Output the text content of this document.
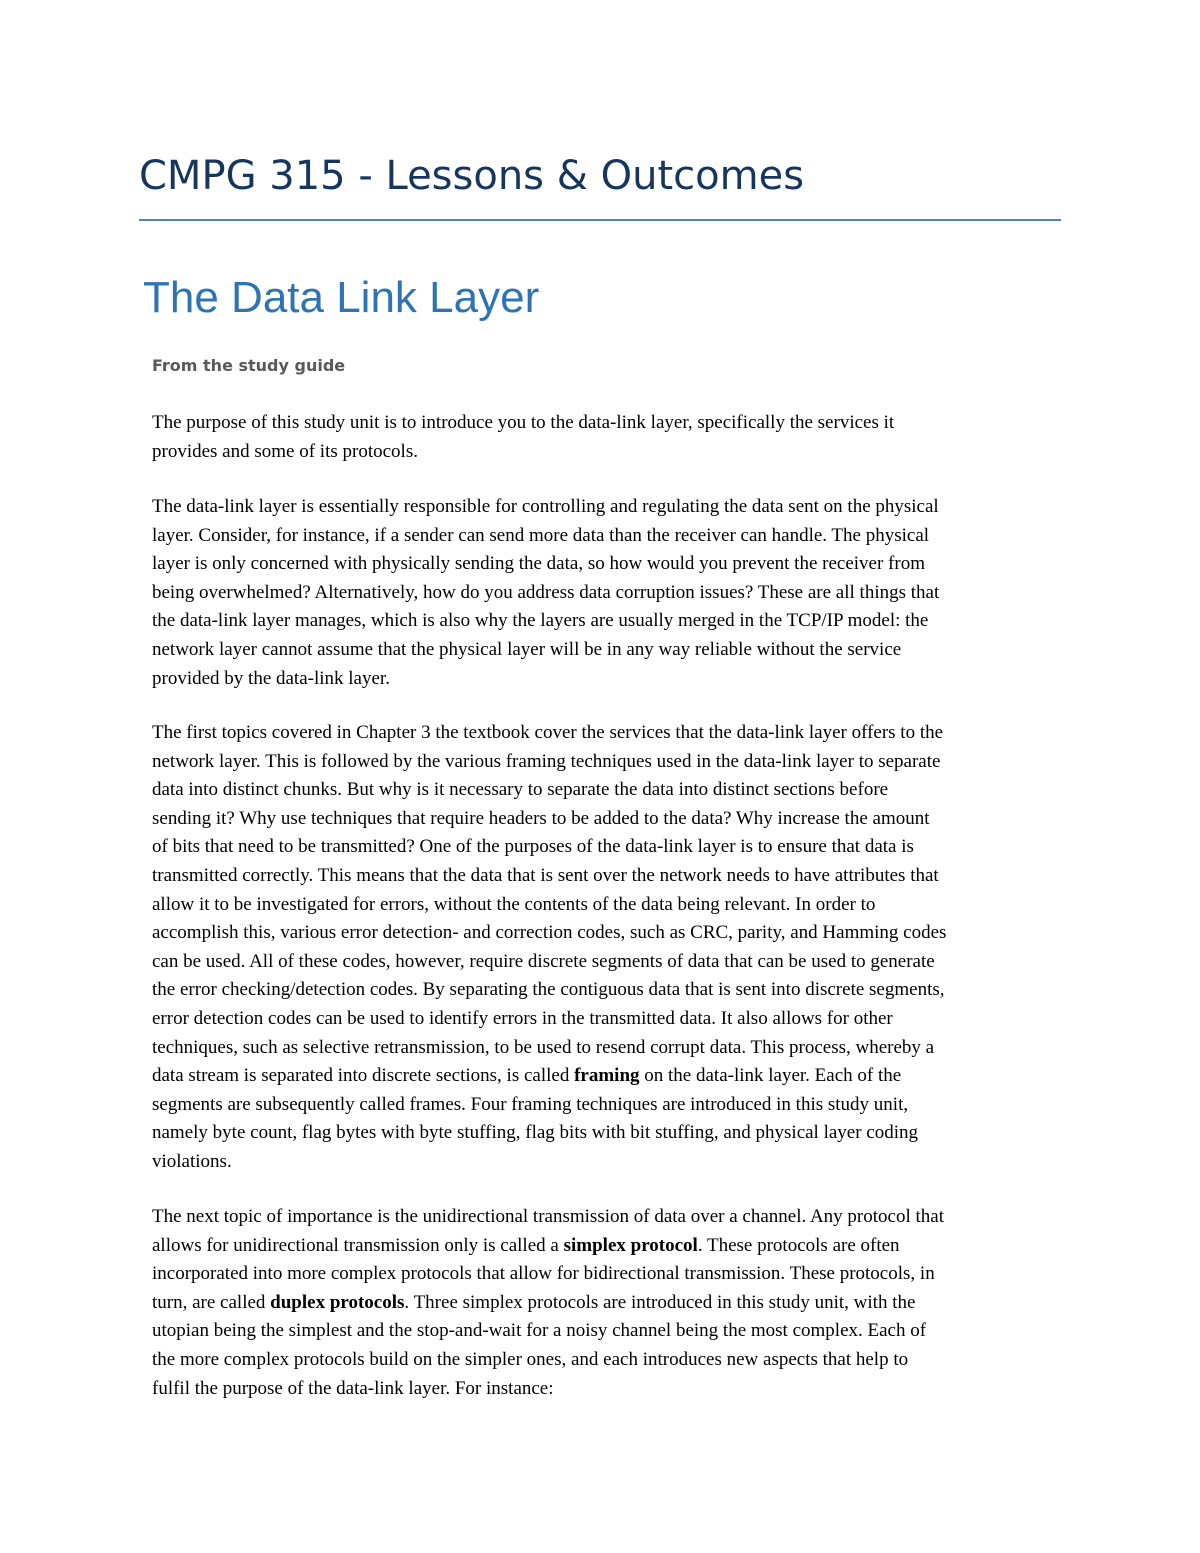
CMPG 315 - Lessons & Outcomes
The Data Link Layer
From the study guide

The purpose of this study unit is to introduce you to the data-link layer, specifically the services it
provides and some of its protocols.

The data-link layer is essentially responsible for controlling and regulating the data sent on the physical
layer. Consider, for instance, if a sender can send more data than the receiver can handle. The physical
layer is only concerned with physically sending the data, so how would you prevent the receiver from
being overwhelmed? Alternatively, how do you address data corruption issues? These are all things that
the data-link layer manages, which is also why the layers are usually merged in the TCP/IP model: the
network layer cannot assume that the physical layer will be in any way reliable without the service
provided by the data-link layer.

The first topics covered in Chapter 3 the textbook cover the services that the data-link layer offers to the
network layer. This is followed by the various framing techniques used in the data-link layer to separate
data into distinct chunks. But why is it necessary to separate the data into distinct sections before
sending it? Why use techniques that require headers to be added to the data? Why increase the amount
of bits that need to be transmitted? One of the purposes of the data-link layer is to ensure that data is
transmitted correctly. This means that the data that is sent over the network needs to have attributes that
allow it to be investigated for errors, without the contents of the data being relevant. In order to
accomplish this, various error detection- and correction codes, such as CRC, parity, and Hamming codes
can be used. All of these codes, however, require discrete segments of data that can be used to generate
the error checking/detection codes. By separating the contiguous data that is sent into discrete segments,
error detection codes can be used to identify errors in the transmitted data. It also allows for other
techniques, such as selective retransmission, to be used to resend corrupt data. This process, whereby a
data stream is separated into discrete sections, is called framing on the data-link layer. Each of the
segments are subsequently called frames. Four framing techniques are introduced in this study unit,
namely byte count, flag bytes with byte stuffing, flag bits with bit stuffing, and physical layer coding
violations.

The next topic of importance is the unidirectional transmission of data over a channel. Any protocol that
allows for unidirectional transmission only is called a simplex protocol. These protocols are often
incorporated into more complex protocols that allow for bidirectional transmission. These protocols, in
turn, are called duplex protocols. Three simplex protocols are introduced in this study unit, with the
utopian being the simplest and the stop-and-wait for a noisy channel being the most complex. Each of
the more complex protocols build on the simpler ones, and each introduces new aspects that help to
fulfil the purpose of the data-link layer. For instance:
